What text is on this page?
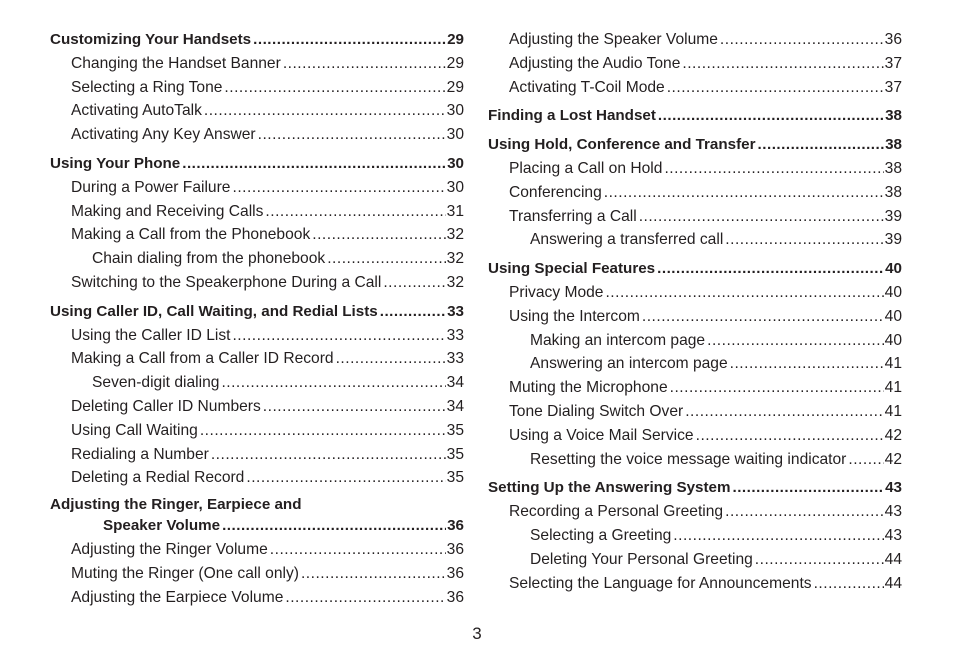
Customizing Your Handsets .....	29
Changing the Handset Banner .....	29
Selecting a Ring Tone .....	29
Activating AutoTalk .....	30
Activating Any Key Answer .....	30
Using Your Phone .....	30
During a Power Failure .....	30
Making and Receiving Calls .....	31
Making a Call from the Phonebook .....	32
Chain dialing from the phonebook .....	32
Switching to the Speakerphone During a Call .....	32
Using Caller ID, Call Waiting, and Redial Lists .....	33
Using the Caller ID List .....	33
Making a Call from a Caller ID Record .....	33
Seven-digit dialing .....	34
Deleting Caller ID Numbers .....	34
Using Call Waiting .....	35
Redialing a Number .....	35
Deleting a Redial Record .....	35
Adjusting the Ringer, Earpiece and
Speaker Volume .....	36
Adjusting the Ringer Volume .....	36
Muting the Ringer (One call only) .....	36
Adjusting the Earpiece Volume .....	36
Adjusting the Speaker Volume .....	36
Adjusting the Audio Tone .....	37
Activating T-Coil Mode .....	37
Finding a Lost Handset .....	38
Using Hold, Conference and Transfer .....	38
Placing a Call on Hold .....	38
Conferencing .....	38
Transferring a Call .....	39
Answering a transferred call .....	39
Using Special Features .....	40
Privacy Mode .....	40
Using the Intercom .....	40
Making an intercom page .....	40
Answering an intercom page .....	41
Muting the Microphone .....	41
Tone Dialing Switch Over .....	41
Using a Voice Mail Service .....	42
Resetting the voice message waiting indicator ..... 42
Setting Up the Answering System .....	43
Recording a Personal Greeting .....	43
Selecting a Greeting .....	43
Deleting Your Personal Greeting .....	44
Selecting the Language for Announcements .....	44
3
